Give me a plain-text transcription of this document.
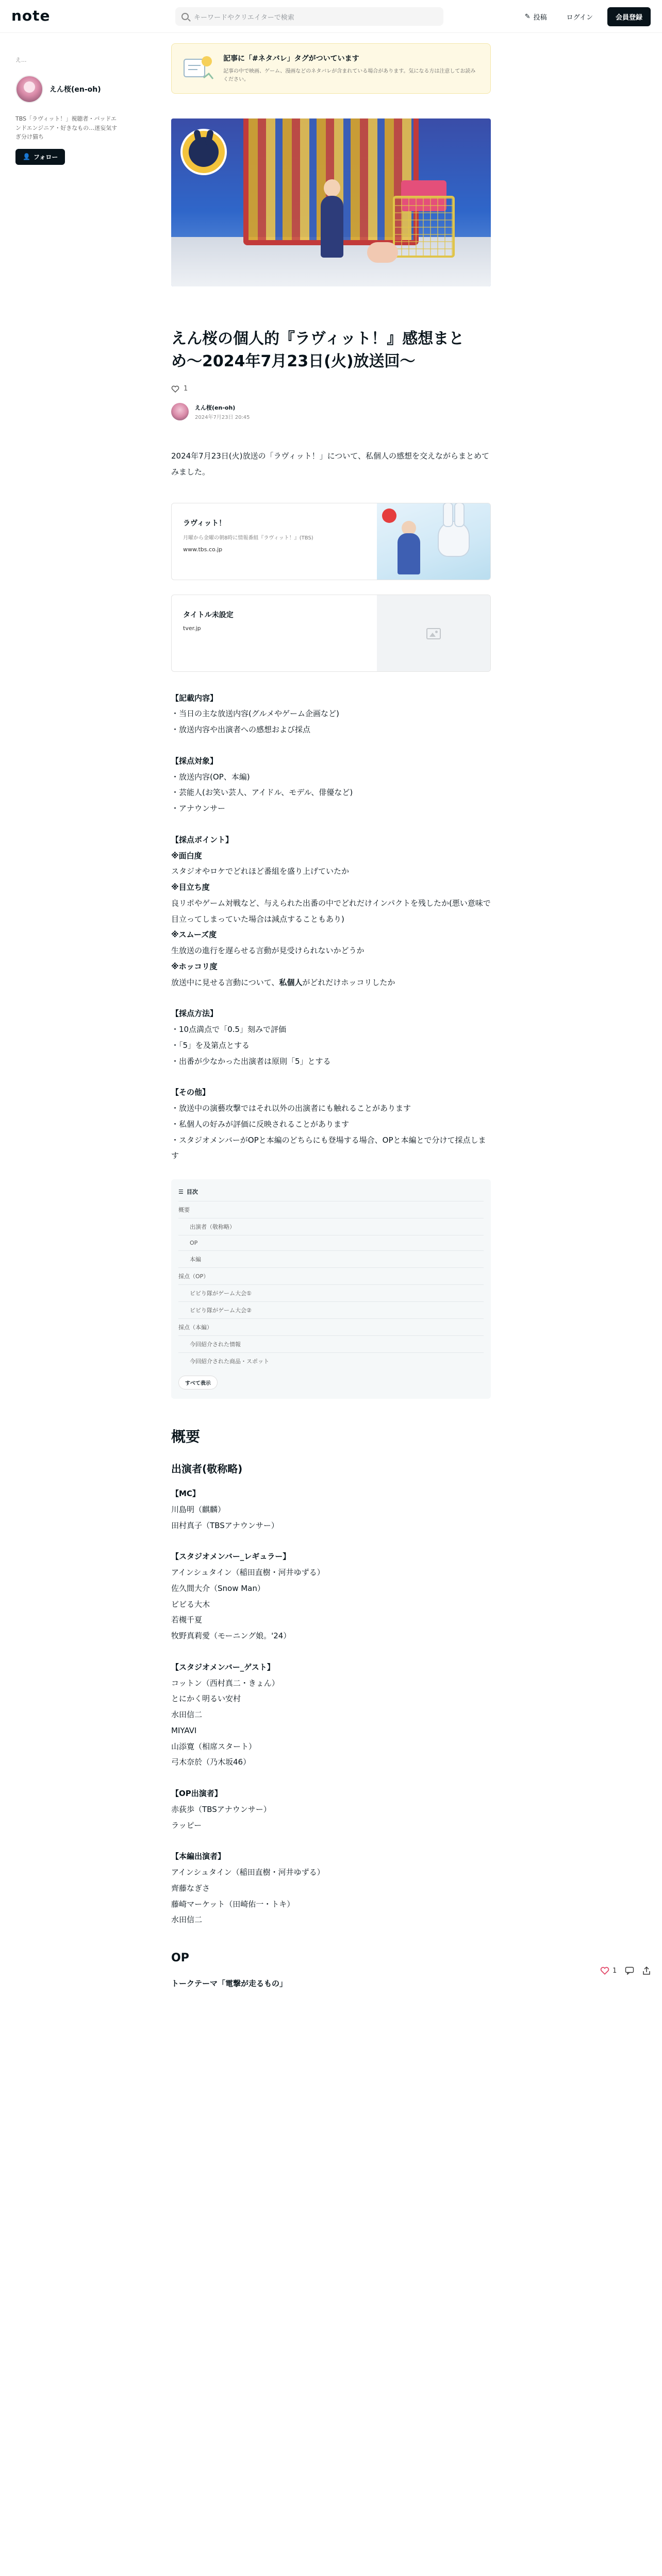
note	キーワードやクリエイターで検索	✎ 投稿	ログイン	会員登録
え...
えん桜(en-oh)
TBS「ラヴィット！」視聴者・バッドエンドエンジニア・好きなもの…迷妄気すぎ分け猫ち
👤 フォロー
記事に「#ネタバレ」タグがついています
記事の中で映画、ゲーム、漫画などのネタバレが含まれている場合があります。気になる方は注意してお読みください。
えん桜の個人的『ラヴィット！』感想まとめ〜2024年7月23日(火)放送回〜
1
えん桜(en-oh)
2024年7月23日 20:45

2024年7月23日(火)放送の「ラヴィット！」について、私個人の感想を交えながらまとめてみました。

ラヴィット！
月曜から金曜の朝8時に情報番組『ラヴィット！』(TBS)
www.tbs.co.jp
タイトル未設定
tver.jp
【記載内容】
・当日の主な放送内容(グルメやゲーム企画など)
・放送内容や出演者への感想および採点
【採点対象】
・放送内容(OP、本編)
・芸能人(お笑い芸人、アイドル、モデル、俳優など)
・アナウンサー
【採点ポイント】
※面白度
スタジオやロケでどれほど番組を盛り上げていたか
※目立ち度
良リポやゲーム対戦など、与えられた出番の中でどれだけインパクトを残したか(悪い意味で目立ってしまっていた場合は減点することもあり)
※スムーズ度
生放送の進行を遅らせる言動が見受けられないかどうか
※ホッコリ度
放送中に見せる言動について、私個人がどれだけホッコリしたか
【採点方法】
・10点満点で「0.5」刻みで評価
・「5」を及第点とする
・出番が少なかった出演者は原則「5」とする
【その他】
・放送中の演藝攻撃ではそれ以外の出演者にも触れることがあります
・私個人の好みが評価に反映されることがあります
・スタジオメンバーがOPと本編のどちらにも登場する場合、OPと本編とで分けて採点します
☰ 目次
概要
出演者（敬称略）
OP
本編
採点（OP）
ビビり隊がゲーム大会①
ビビり隊がゲーム大会②
採点（本編）
今回紹介された情報
今回紹介された商品・スポット
すべて表示
概要
出演者(敬称略)
【MC】
川島明（麒麟）
田村真子（TBSアナウンサー）
【スタジオメンバー_レギュラー】
アインシュタイン（稲田直樹・河井ゆずる）
佐久間大介（Snow Man）
ビビる大木
若槻千夏
牧野真莉愛（モーニング娘。'24）
【スタジオメンバー_ゲスト】
コットン（西村真二・きょん）
とにかく明るい安村
水田信二
MIYAVI
山添寛（相席スタート）
弓木奈於（乃木坂46）
【OP出演者】
赤荻歩（TBSアナウンサー）
ラッピー
【本編出演者】
アインシュタイン（稲田直樹・河井ゆずる）
齊藤なぎさ
藤崎マーケット（田崎佑一・トキ）
水田信二
OP
トークテーマ「電撃が走るもの」
1
